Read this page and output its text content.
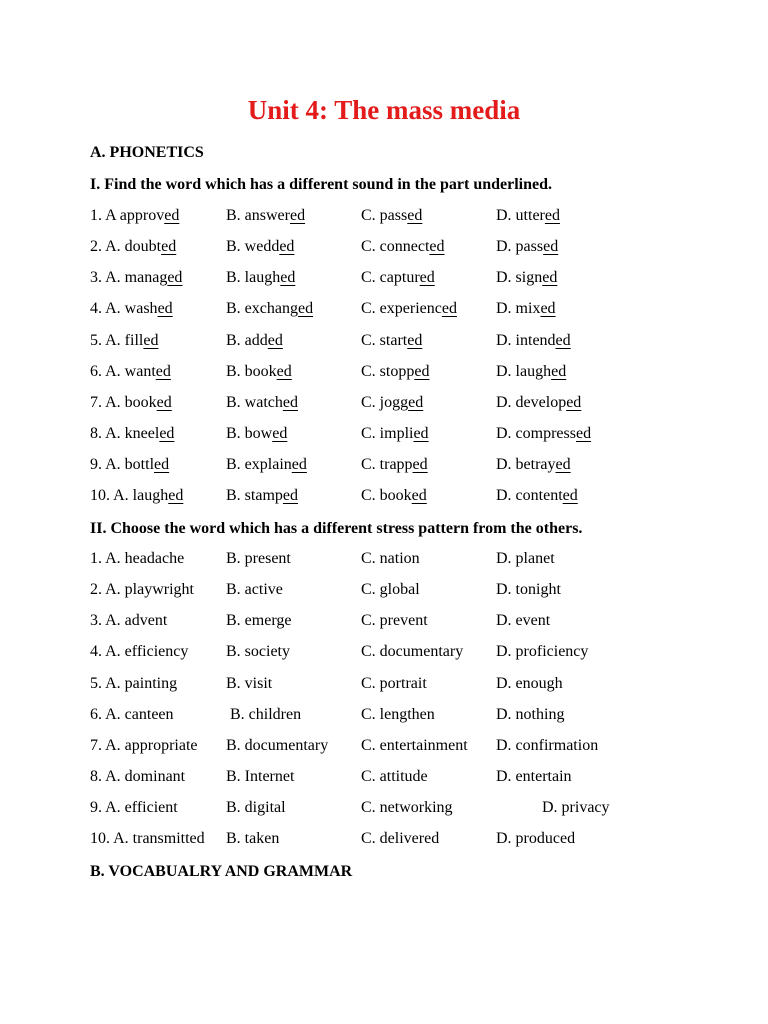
Unit 4: The mass media
A. PHONETICS
I. Find the word which has a different sound in the part underlined.
1. A approved	B. answered	C. passed	D. uttered
2. A. doubted	B. wedded	C. connected	D. passed
3. A. managed	B. laughed	C. captured	D. signed
4. A. washed	B. exchanged	C. experienced D. mixed
5. A. filled	B. added	C. started	D. intended
6. A. wanted	B. booked	C. stopped	D. laughed
7. A. booked	B. watched	C. jogged	D. developed
8. A. kneeled	B. bowed	C. implied	D. compressed
9. A. bottled	B. explained	C. trapped	D. betrayed
10. A. laughed	B. stamped	C. booked	D. contented
II. Choose the word which has a different stress pattern from the others.
1. A. headache	B. present	C. nation	D. planet
2. A. playwright B. active	C. global	D. tonight
3. A. advent	B. emerge	C. prevent	D. event
4. A. efficiency B. society	C. documentary D. proficiency
5. A. painting	B. visit	C. portrait	D. enough
6. A. canteen	B. children	C. lengthen	D. nothing
7. A. appropriate B. documentary C. entertainment D. confirmation
8. A. dominant	B. Internet	C. attitude	D. entertain
9. A. efficient	B. digital	C. networking	D. privacy
10. A. transmitted B. taken	C. delivered	D. produced
B. VOCABUALRY AND GRAMMAR
